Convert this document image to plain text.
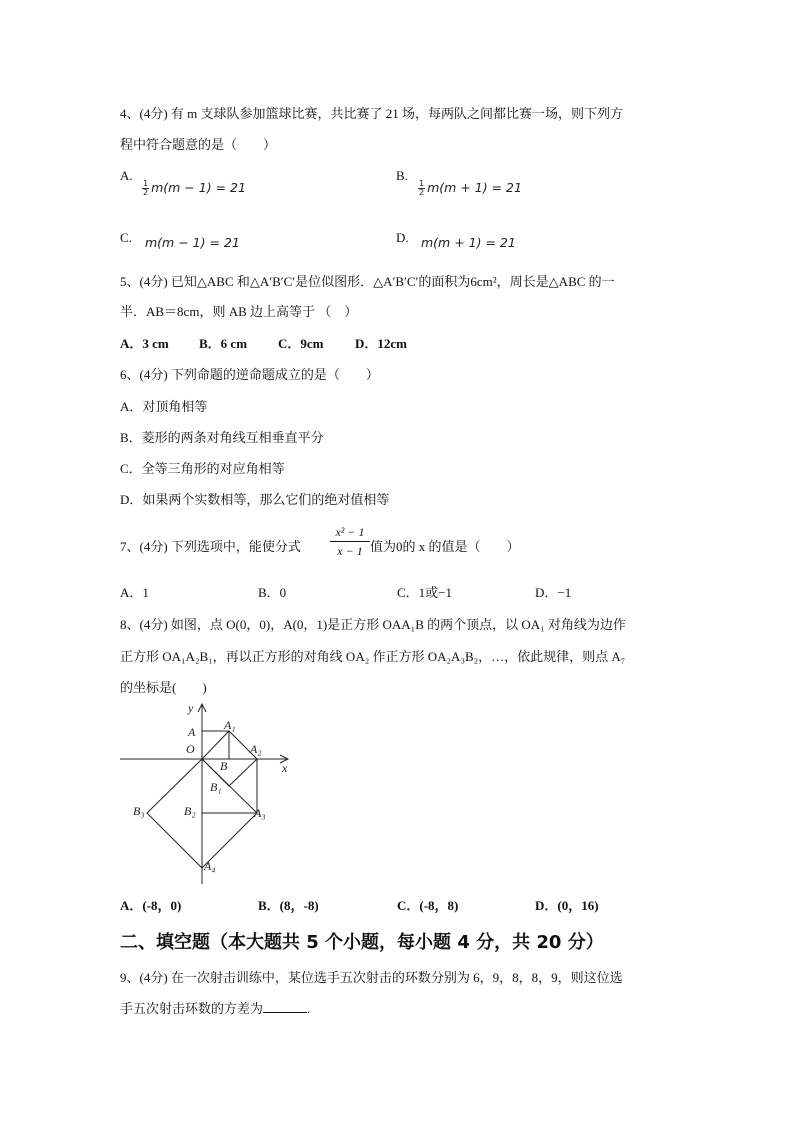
4、(4分) 有 m 支球队参加篮球比赛，共比赛了 21 场，每两队之间都比赛一场，则下列方
程中符合题意的是（　　）
A.
$\frac{1}{2} m(m - 1) = 21$
B.
$\frac{1}{2} m(m + 1) = 21$
C. m(m − 1) = 21	D. m(m + 1) = 21
5、(4分) 已知△ABC 和△A′B′C′是位似图形．△A′B′C′的面积为6cm²，周长是△ABC 的一
半．AB＝8cm，则 AB 边上高等于 （　）
A．3 cm B．6 cm C．9cm D．12cm
6、(4分) 下列命题的逆命题成立的是（　　）
A．对顶角相等
B．菱形的两条对角线互相垂直平分
C．全等三角形的对应角相等
D．如果两个实数相等，那么它们的绝对值相等
7、(4分) 下列选项中，能使分式 $\frac{\text{x² − 1}}{x - 1}$ 值为0的 x 的值是（　　）
A．1	B．0	C．1或−1	D．−1
8、(4分) 如图，点 O(0，0)，A(0，1)是正方形 OAA₁B 的两个顶点，以 OA₁ 对角线为边作
正方形 OA₁A₂B₁，再以正方形的对角线 OA₂ 作正方形 OA₂A₃B₂，…，依此规律，则点 A₇
的坐标是(　　)
y
x
A
O
A₁
A₂
B
B₁
B₂
B₃	A₃
A₄
A．(-8，0)	B．(8，-8)	C．(-8，8)	D．(0，16)
二、填空题（本大题共 5 个小题，每小题 4 分，共 20 分）
9、(4分) 在一次射击训练中，某位选手五次射击的环数分别为 6，9，8，8，9，则这位选
手五次射击环数的方差为	.
